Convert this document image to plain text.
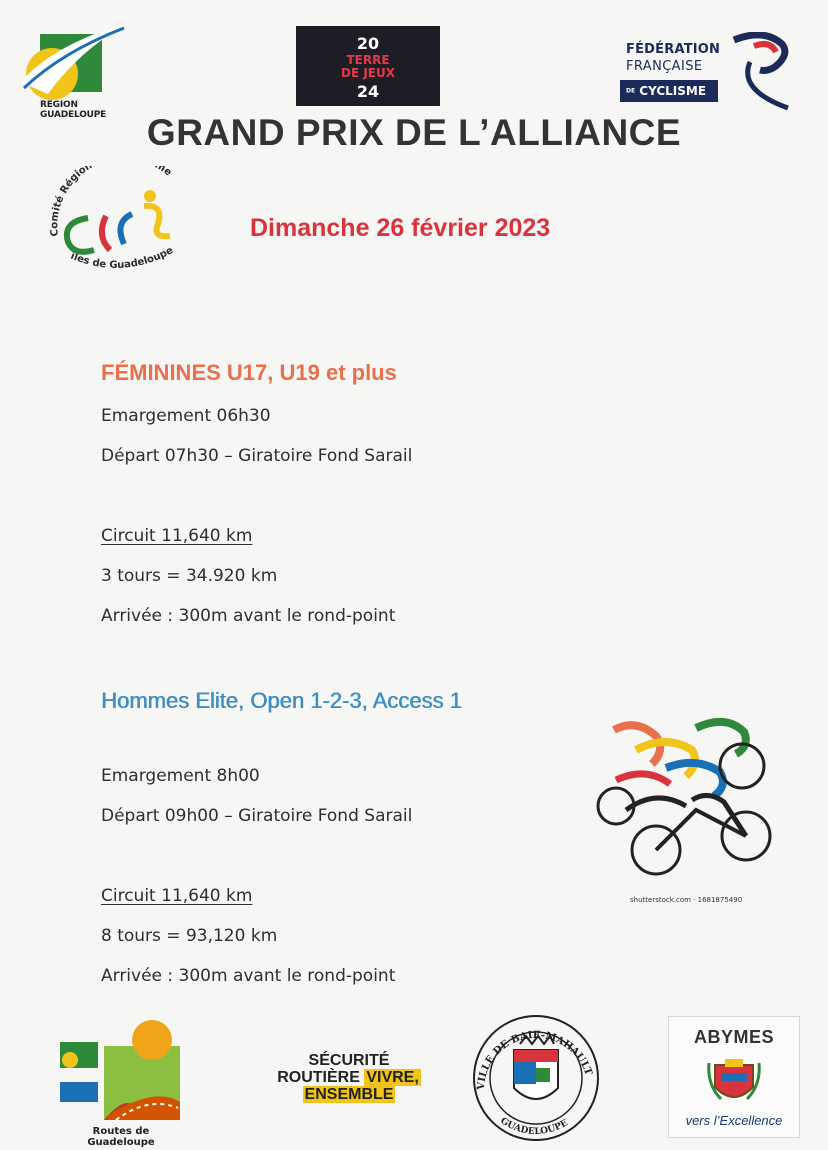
REGION
GUADELOUPE
20
TERRE
DE JEUX
24
FÉDÉRATION
FRANÇAISE
DE CYCLISME
GRAND PRIX DE L’ALLIANCE
Comité Région me
îles de Guadeloupe
Dimanche 26 février 2023
FÉMININES U17, U19 et plus
Emargement 06h30
Départ 07h30 – Giratoire Fond Sarail
Circuit 11,640 km
3 tours = 34.920 km
Arrivée : 300m avant le rond-point
Hommes Elite, Open 1-2-3, Access 1
Emargement 8h00
Départ 09h00 – Giratoire Fond Sarail
Circuit 11,640 km
8 tours = 93,120 km
Arrivée : 300m avant le rond-point
shutterstock.com · 1681875490
Routes de Guadeloupe
SÉCURITÉ
ROUTIÈRE VIVRE,
ENSEMBLE	VILLE DE BAIE-MAHAULT
GUADELOUPE
ABYMES
vers l’Excellence
